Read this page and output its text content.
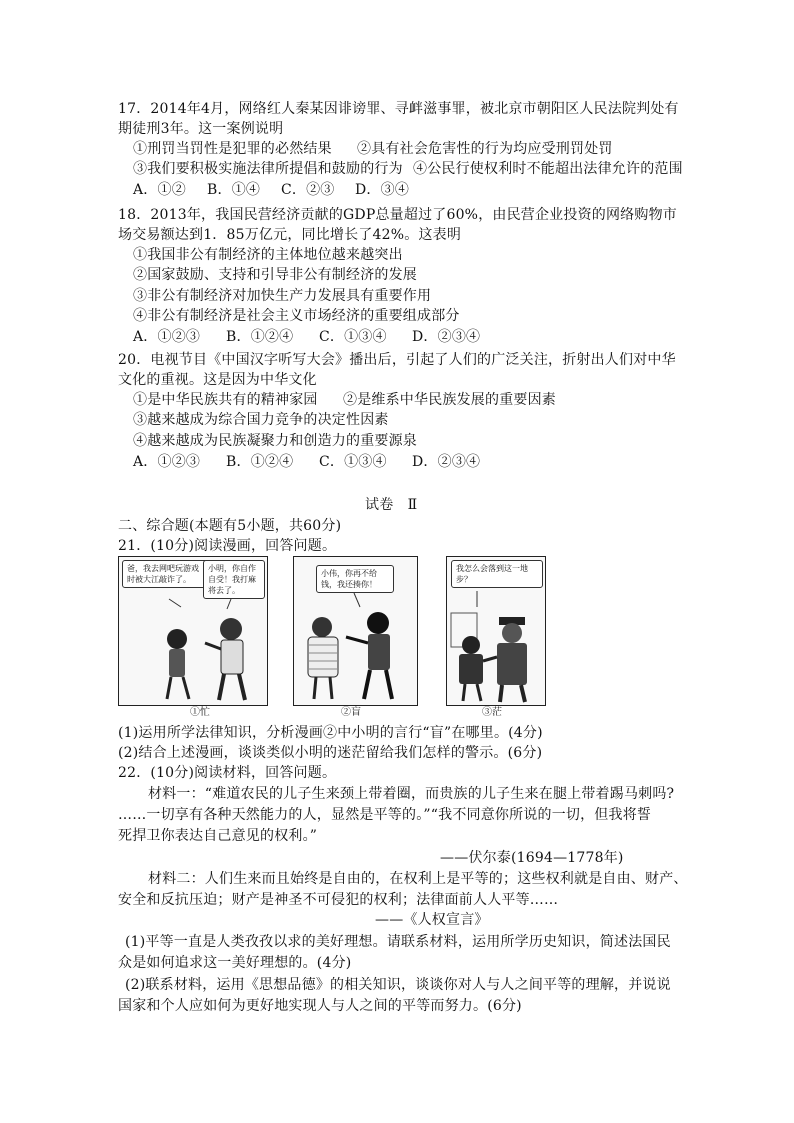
17．2014年4月，网络红人秦某因诽谤罪、寻衅滋事罪，被北京市朝阳区人民法院判处有
期徒刑3年。这一案例说明
①刑罚当罚性是犯罪的必然结果 ②具有社会危害性的行为均应受刑罚处罚
③我们要积极实施法律所提倡和鼓励的行为 ④公民行使权利时不能超出法律允许的范围
A．①② B．①④ C．②③ D．③④
18．2013年，我国民营经济贡献的GDP总量超过了60%，由民营企业投资的网络购物市
场交易额达到1．85万亿元，同比增长了42%。这表明
①我国非公有制经济的主体地位越来越突出
②国家鼓励、支持和引导非公有制经济的发展
③非公有制经济对加快生产力发展具有重要作用
④非公有制经济是社会主义市场经济的重要组成部分
A．①②③ B．①②④ C．①③④ D．②③④
20．电视节目《中国汉字听写大会》播出后，引起了人们的广泛关注，折射出人们对中华
文化的重视。这是因为中华文化
①是中华民族共有的精神家园 ②是维系中华民族发展的重要因素
③越来越成为综合国力竞争的决定性因素
④越来越成为民族凝聚力和创造力的重要源泉
A．①②③ B．①②④ C．①③④ D．②③④
试卷　Ⅱ
二、综合题(本题有5小题，共60分)
21．(10分)阅读漫画，回答问题。
爸，我去网吧玩游戏时被大江敲诈了。
小明，你自作自受！我打麻将去了。
小伟，你再不给钱，我还揍你！
我怎么会落到这一地步？
①忙	②盲	③茫
(1)运用所学法律知识，分析漫画②中小明的言行“盲”在哪里。(4分)
(2)结合上述漫画，谈谈类似小明的迷茫留给我们怎样的警示。(6分)
22．(10分)阅读材料，回答问题。
材料一：“难道农民的儿子生来颈上带着圈，而贵族的儿子生来在腿上带着踢马刺吗?
……一切享有各种天然能力的人，显然是平等的。”“我不同意你所说的一切，但我将誓
死捍卫你表达自己意见的权利。”
——伏尔泰(1694—1778年)
材料二：人们生来而且始终是自由的，在权利上是平等的；这些权利就是自由、财产、
安全和反抗压迫；财产是神圣不可侵犯的权利；法律面前人人平等……
——《人权宣言》
(1)平等一直是人类孜孜以求的美好理想。请联系材料，运用所学历史知识，简述法国民
众是如何追求这一美好理想的。(4分)
(2)联系材料，运用《思想品德》的相关知识，谈谈你对人与人之间平等的理解，并说说
国家和个人应如何为更好地实现人与人之间的平等而努力。(6分)
